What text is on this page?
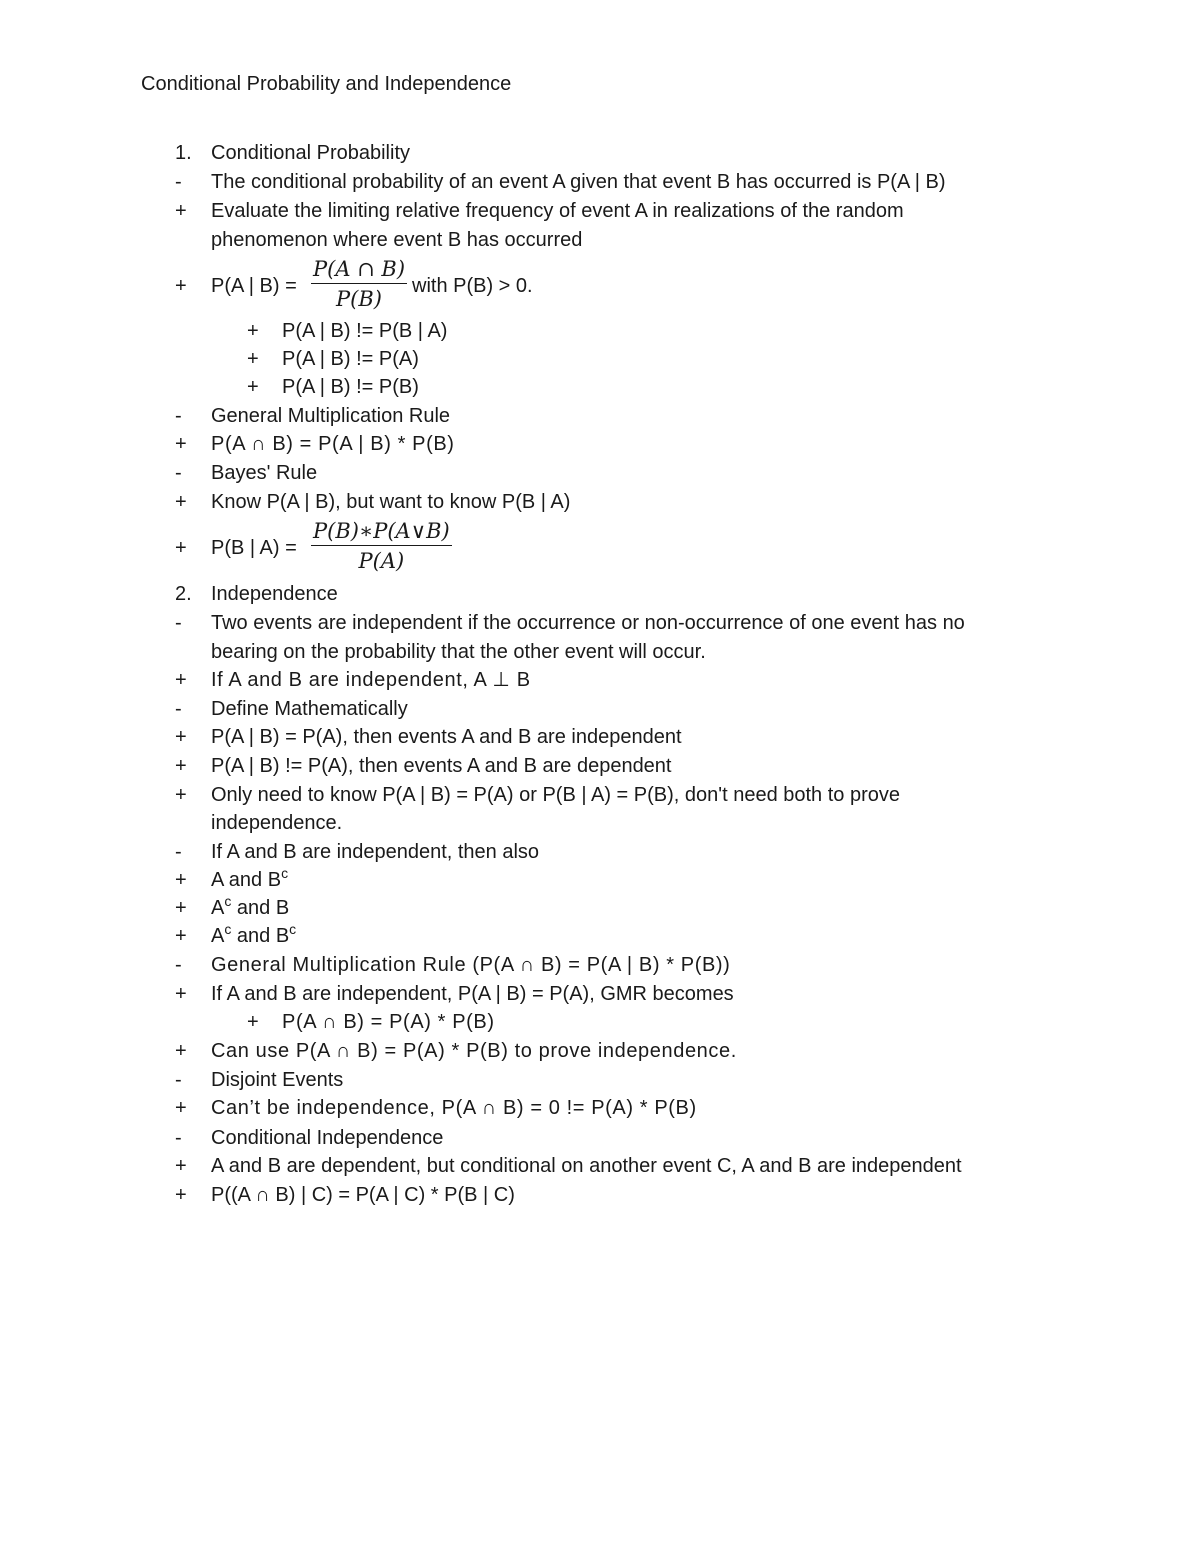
Conditional Probability and Independence
1. Conditional Probability
- The conditional probability of an event A given that event B has occurred is P(A | B)
+ Evaluate the limiting relative frequency of event A in realizations of the random
phenomenon where event B has occurred
+ P(A | $B) = \frac{P(A \cap B)}{P(B)}$ with P(B) > 0.
+ P(A | B) != P(B | A)
+ P(A | B) != P(A)
+ P(A | B) != P(B)
- General Multiplication Rule
+ P(A ∩ B) = P(A | B) * P(B)
- Bayes' Rule
+ Know P(A | B), but want to know P(B | A)
+ P(B | $A) = \frac{P(B)∗P(A\vee B)}{P(A)}$
2. Independence
- Two events are independent if the occurrence or non-occurrence of one event has no
bearing on the probability that the other event will occur.
+ If A and B are independent, A ⊥ B
- Define Mathematically
+ P(A | B) = P(A), then events A and B are independent
+ P(A | B) != P(A), then events A and B are dependent
+ Only need to know P(A | B) = P(A) or P(B | A) = P(B), don't need both to prove
independence.
- If A and B are independent, then also
+ A and $B^c$
+ $A^c$ and B
+ $A^c$ and $B^c$
- General Multiplication Rule (P(A ∩ B) = P(A | B) * P(B))
+ If A and B are independent, P(A | B) = P(A), GMR becomes
+ P(A ∩ B) = P(A) * P(B)
+ Can use P(A ∩ B) = P(A) * P(B) to prove independence.
- Disjoint Events
+ Can’t be independence, P(A ∩ B) = 0 != P(A) * P(B)
- Conditional Independence
+ A and B are dependent, but conditional on another event C, A and B are independent
+ P((A ∩ B) | C) = P(A | C) * P(B | C)
